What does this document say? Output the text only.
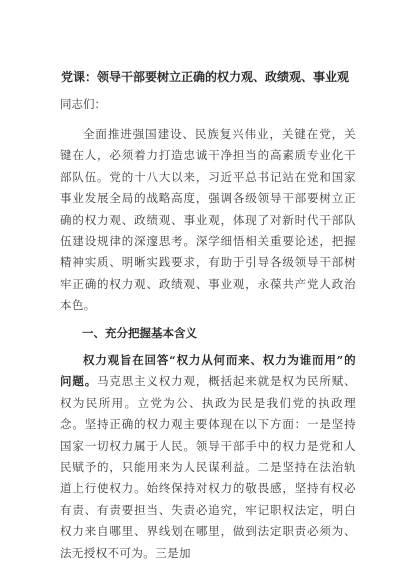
党课：领导干部要树立正确的权力观、政绩观、事业观

同志们：

全面推进强国建设、民族复兴伟业，关键在党，关键在人，必须着力打造忠诚干净担当的高素质专业化干部队伍。党的十八大以来，习近平总书记站在党和国家事业发展全局的战略高度，强调各级领导干部要树立正确的权力观、政绩观、事业观，体现了对新时代干部队伍建设规律的深邃思考。深学细悟相关重要论述，把握精神实质、明晰实践要求，有助于引导各级领导干部树牢正确的权力观、政绩观、事业观，永葆共产党人政治本色。

一、充分把握基本含义

权力观旨在回答“权力从何而来、权力为谁而用”的问题。马克思主义权力观，概括起来就是权为民所赋、权为民所用。立党为公、执政为民是我们党的执政理念。坚持正确的权力观主要体现在以下方面：一是坚持国家一切权力属于人民。领导干部手中的权力是党和人民赋予的，只能用来为人民谋利益。二是坚持在法治轨道上行使权力。始终保持对权力的敬畏感，坚持有权必有责、有责要担当、失责必追究，牢记职权法定，明白权力来自哪里、界线划在哪里，做到法定职责必须为、法无授权不可为。三是加
